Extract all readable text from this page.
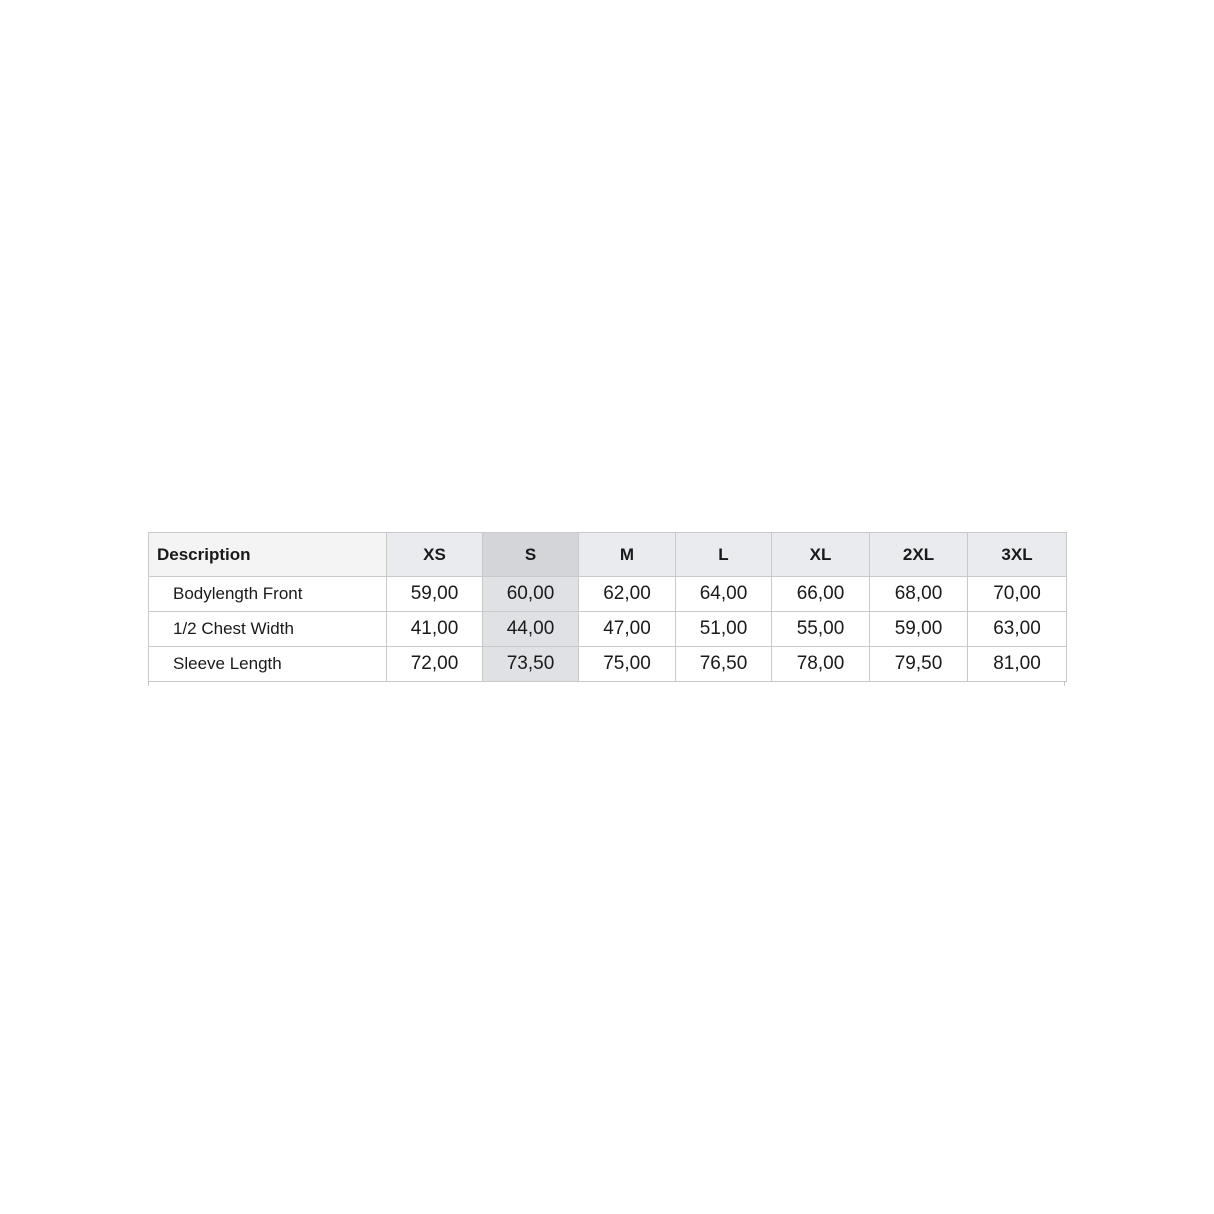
Description	XS	S	M	L	XL	2XL	3XL
Bodylength Front	59,00	60,00	62,00	64,00	66,00	68,00	70,00
1/2 Chest Width	41,00	44,00	47,00	51,00	55,00	59,00	63,00
Sleeve Length	72,00	73,50	75,00	76,50	78,00	79,50	81,00
